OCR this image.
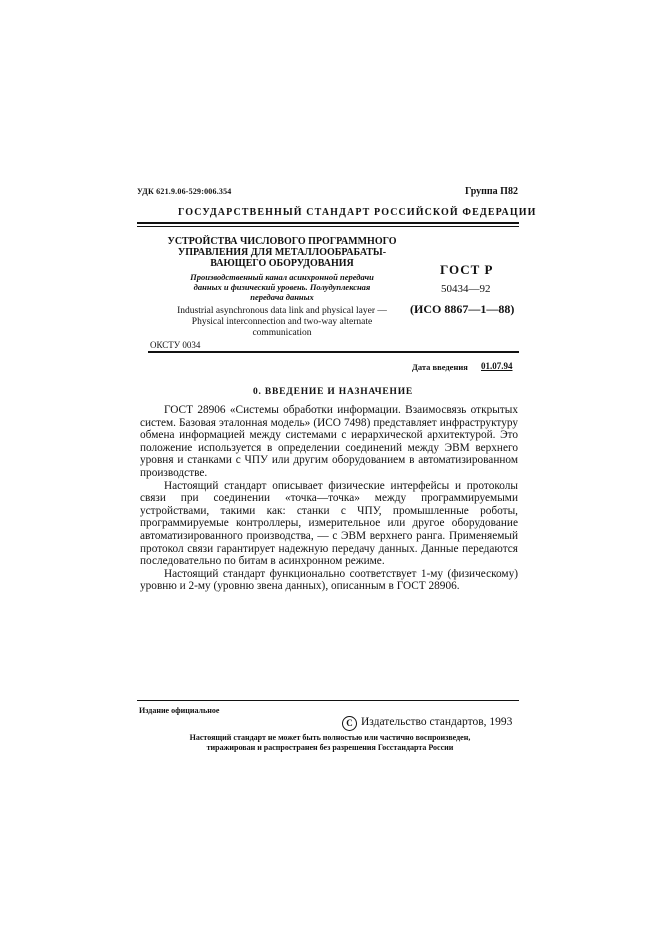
УДК 621.9.06-529:006.354	Группа П82
ГОСУДАРСТВЕННЫЙ СТАНДАРТ РОССИЙСКОЙ ФЕДЕРАЦИИ
УСТРОЙСТВА ЧИСЛОВОГО ПРОГРАММНОГО
УПРАВЛЕНИЯ ДЛЯ МЕТАЛЛООБРАБАТЫ-
ВАЮЩЕГО ОБОРУДОВАНИЯ
Производственный канал асинхронной передачи
данных и физический уровень. Полудуплексная
передача данных
Industrial asynchronous data link and physical layer —
Physical interconnection and two-way alternate
communication
ГОСТ Р
50434—92
(ИСО 8867—1—88)
ОКСТУ 0034
Дата введения 01.07.94
0. ВВЕДЕНИЕ И НАЗНАЧЕНИЕ

ГОСТ 28906 «Системы обработки информации. Взаимосвязь открытых систем. Базовая эталонная модель» (ИСО 7498) представляет инфраструктуру обмена информацией между системами с иерархической архитектурой. Это положение используется в определении соединений между ЭВМ верхнего уровня и станками с ЧПУ или другим оборудованием в автоматизированном производстве.

Настоящий стандарт описывает физические интерфейсы и протоколы связи при соединении «точка—точка» между программируемыми устройствами, такими как: станки с ЧПУ, промышленные роботы, программируемые контроллеры, измерительное или другое оборудование автоматизированного производства, — с ЭВМ верхнего ранга. Применяемый протокол связи гарантирует надежную передачу данных. Данные передаются последовательно по битам в асинхронном режиме.

Настоящий стандарт функционально соответствует 1-му (физическому) уровню и 2-му (уровню звена данных), описанным в ГОСТ 28906.

Издание официальное
C Издательство стандартов, 1993
Настоящий стандарт не может быть полностью или частично воспроизведен,
тиражирован и распространен без разрешения Госстандарта России
